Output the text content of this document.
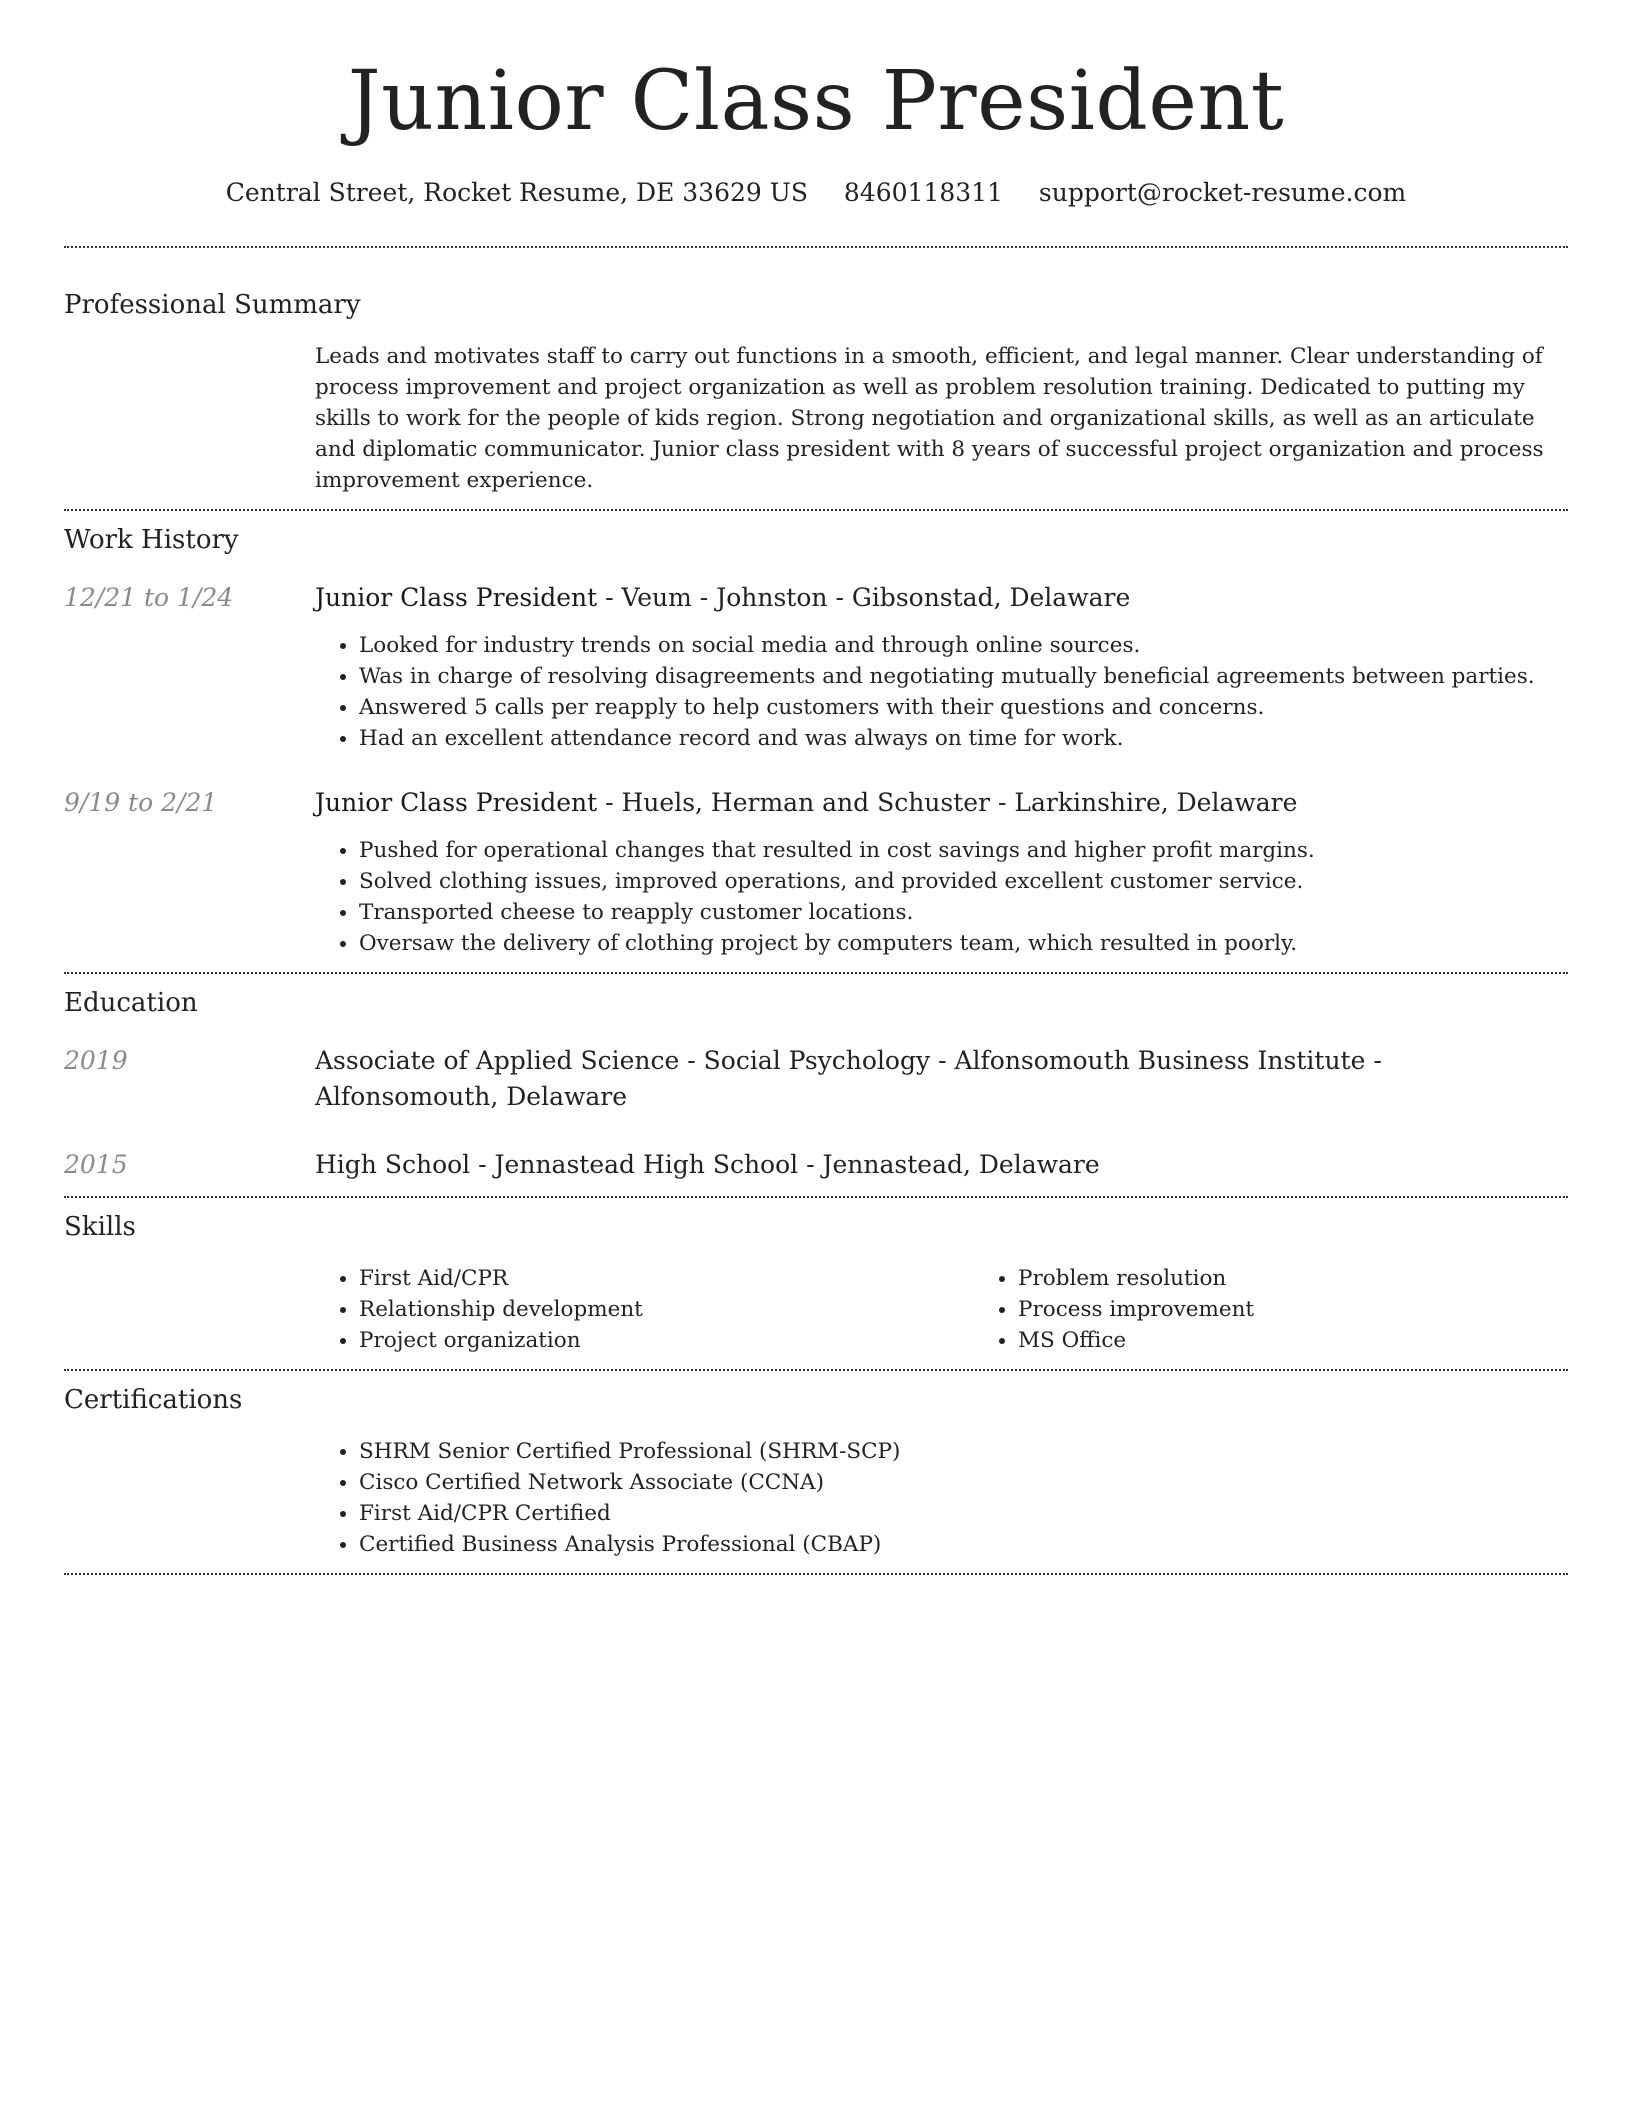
Junior Class President
Central Street, Rocket Resume, DE 33629 US 8460118311 support@rocket-resume.com
Professional Summary

Leads and motivates staff to carry out functions in a smooth, efficient, and legal manner. Clear understanding of process improvement and project organization as well as problem resolution training. Dedicated to putting my skills to work for the people of kids region. Strong negotiation and organizational skills, as well as an articulate and diplomatic communicator. Junior class president with 8 years of successful project organization and process improvement experience.

Work History
12/21 to 1/24	Junior Class President - Veum - Johnston - Gibsonstad, Delaware
• Looked for industry trends on social media and through online sources.
• Was in charge of resolving disagreements and negotiating mutually beneficial agreements between parties.
• Answered 5 calls per reapply to help customers with their questions and concerns.
• Had an excellent attendance record and was always on time for work.
9/19 to 2/21	Junior Class President - Huels, Herman and Schuster - Larkinshire, Delaware
• Pushed for operational changes that resulted in cost savings and higher profit margins.
• Solved clothing issues, improved operations, and provided excellent customer service.
• Transported cheese to reapply customer locations.
• Oversaw the delivery of clothing project by computers team, which resulted in poorly.
Education
2019	Associate of Applied Science - Social Psychology - Alfonsomouth Business Institute - Alfonsomouth, Delaware
2015	High School - Jennastead High School - Jennastead, Delaware
Skills
• First Aid/CPR
• Relationship development
• Project organization
• Problem resolution
• Process improvement
• MS Office
Certifications
• SHRM Senior Certified Professional (SHRM-SCP)
• Cisco Certified Network Associate (CCNA)
• First Aid/CPR Certified
• Certified Business Analysis Professional (CBAP)
